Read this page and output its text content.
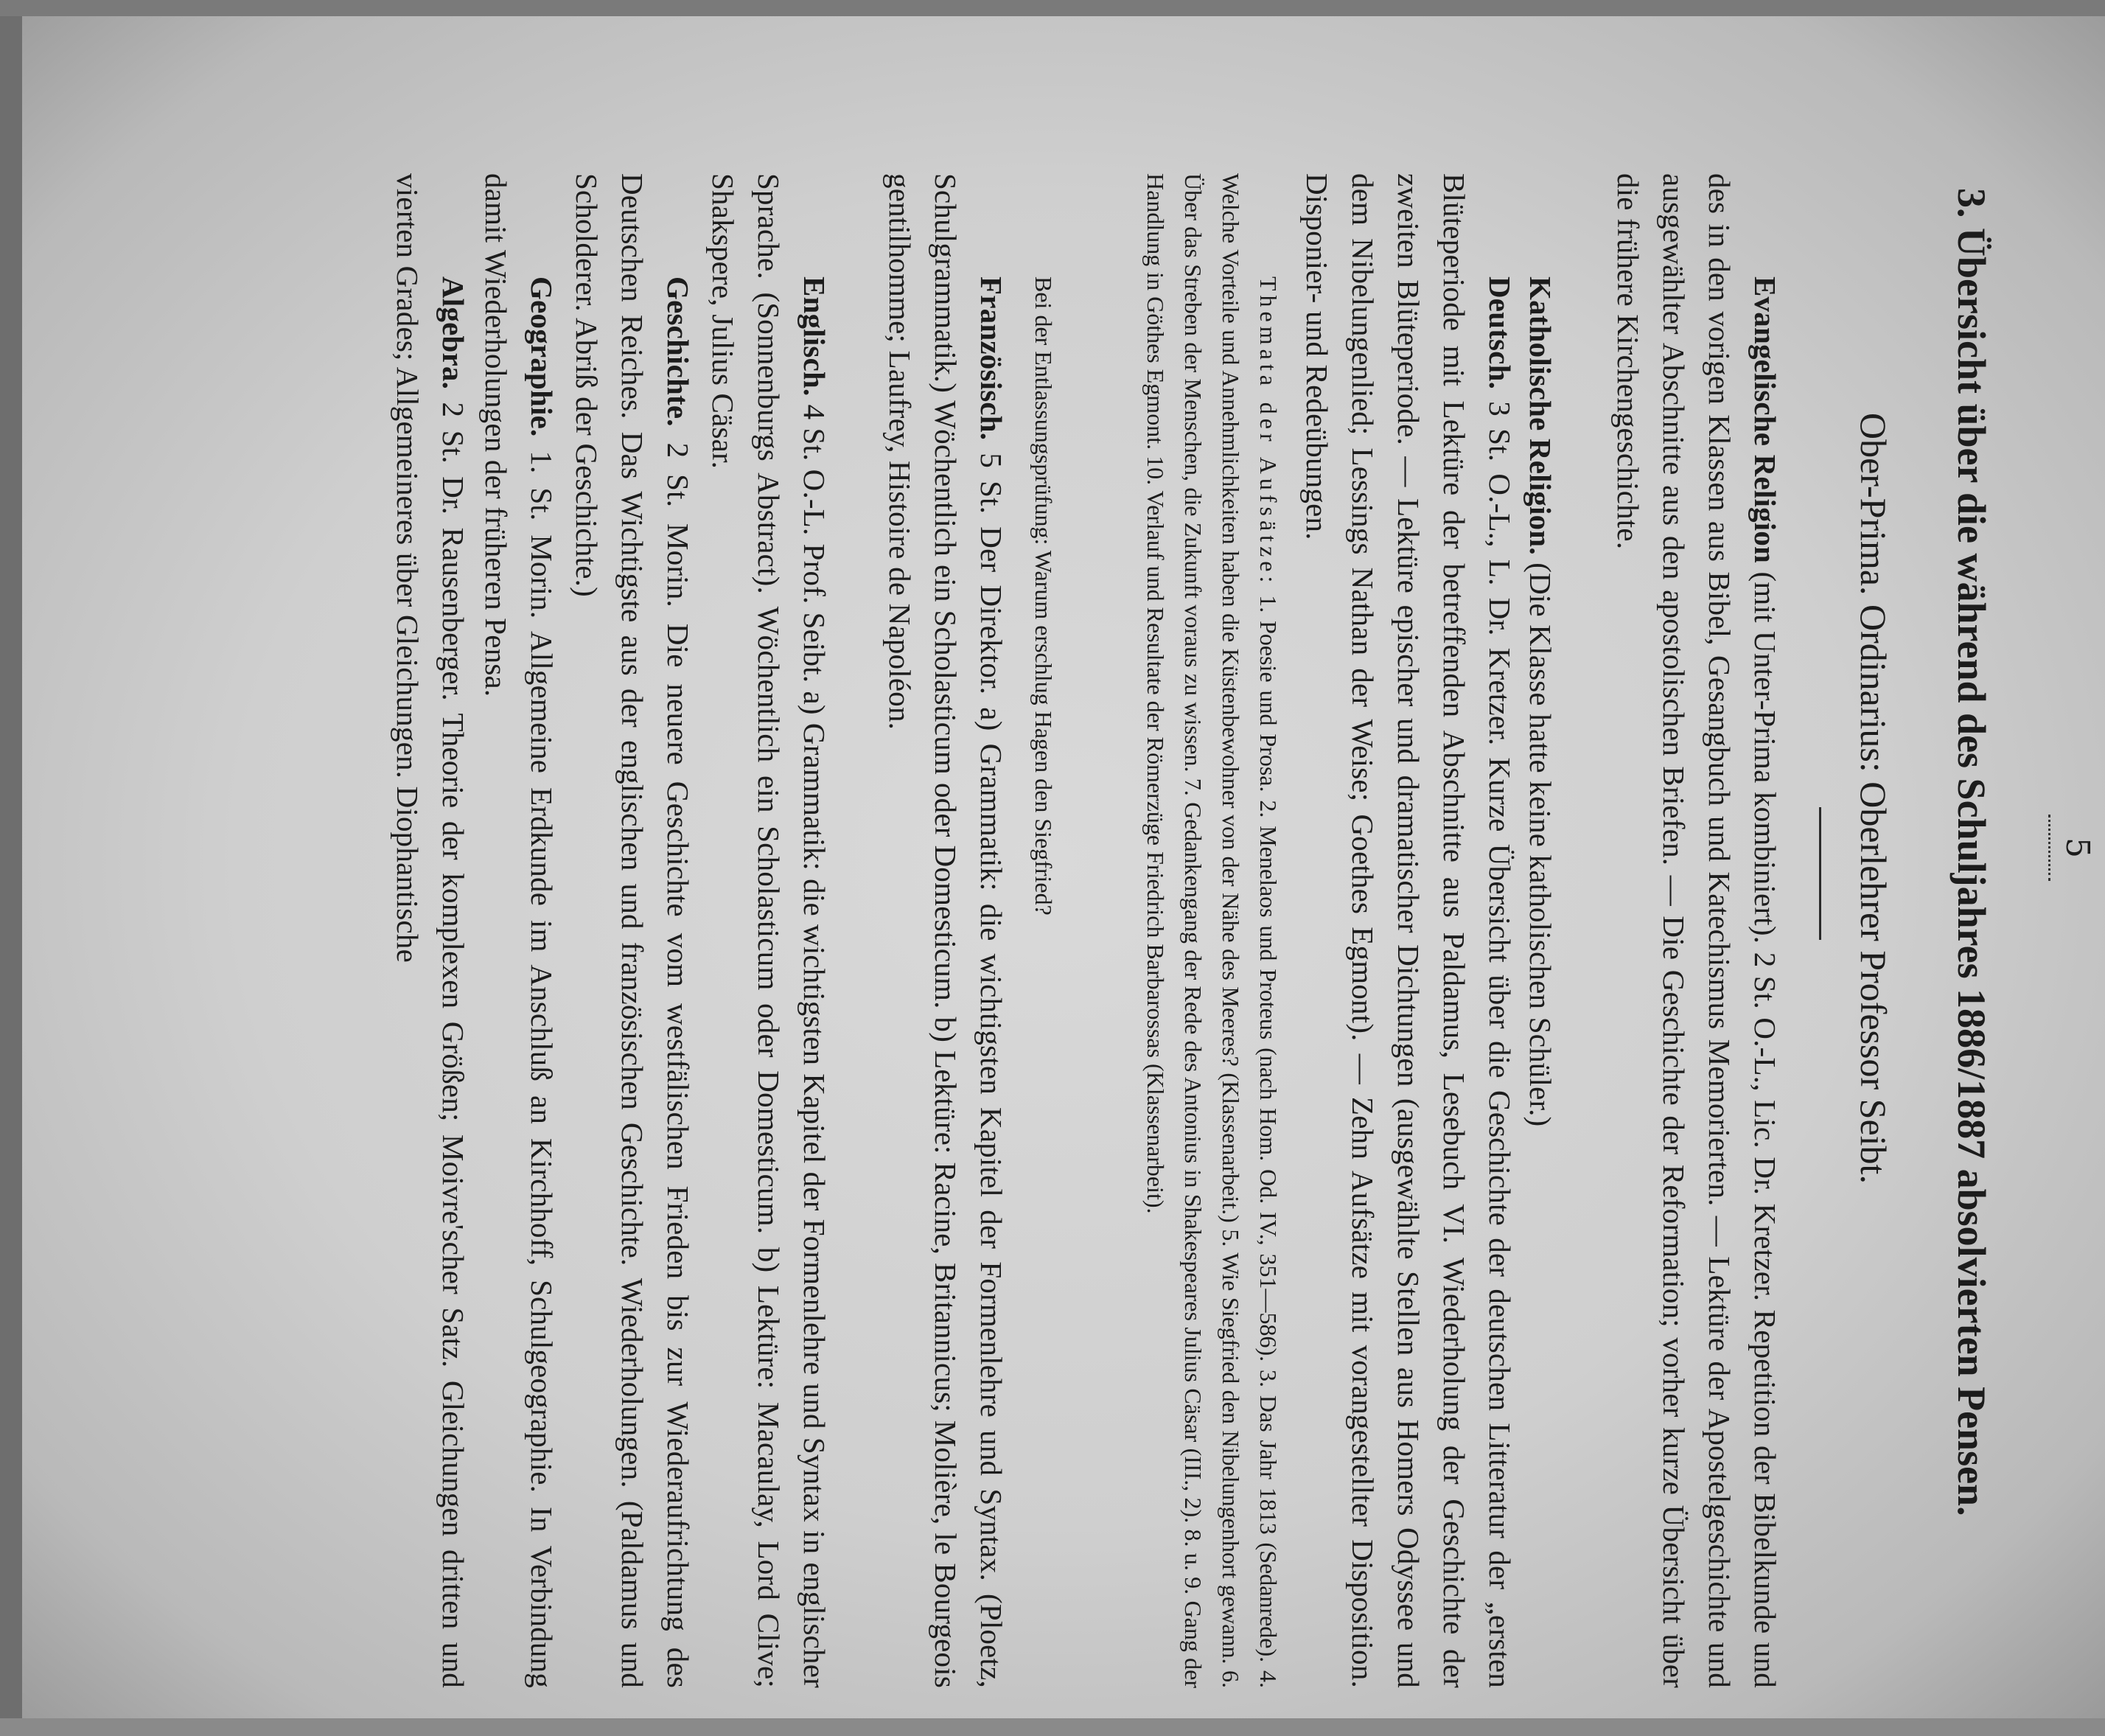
5
3. Übersicht über die während des Schuljahres 1886/1887 absolvierten Pensen.
Ober-Prima. Ordinarius: Oberlehrer Professor Seibt.
Evangelische Religion (mit Unter-Prima kombiniert). 2 St. O.-L., Lic. Dr. Kretzer. Repetition der Bibelkunde und des in den vorigen Klassen aus Bibel, Gesangbuch und Katechismus Memorierten. — Lektüre der Apostelgeschichte und ausgewählter Abschnitte aus den apostolischen Briefen. — Die Geschichte der Reformation; vorher kurze Übersicht über die frühere Kirchengeschichte.
Katholische Religion. (Die Klasse hatte keine katholischen Schüler.)
Deutsch. 3 St. O.-L., L. Dr. Kretzer. Kurze Übersicht über die Geschichte der deutschen Litteratur der „ersten Blüteperiode mit Lektüre der betreffenden Abschnitte aus Paldamus, Lesebuch VI. Wiederholung der Geschichte der zweiten Blüteperiode. — Lektüre epischer und dramatischer Dichtungen (ausgewählte Stellen aus Homers Odyssee und dem Nibelungenlied; Lessings Nathan der Weise; Goethes Egmont). — Zehn Aufsätze mit vorangestellter Disposition. Disponier- und Redeübungen.
Themata der Aufsätze: 1. Poesie und Prosa. 2. Menelaos und Proteus (nach Hom. Od. IV., 351—586). 3. Das Jahr 1813 (Sedanrede). 4. Welche Vorteile und Annehmlichkeiten haben die Küstenbewohner von der Nähe des Meeres? (Klassenarbeit.) 5. Wie Siegfried den Nibelungenhort gewann. 6. Über das Streben der Menschen, die Zukunft voraus zu wissen. 7. Gedankengang der Rede des Antonius in Shakespeares Julius Cäsar (III., 2). 8. u. 9. Gang der Handlung in Göthes Egmont. 10. Verlauf und Resultate der Römerzüge Friedrich Barbarossas (Klassenarbeit).
Bei der Entlassungsprüfung: Warum erschlug Hagen den Siegfried?
Französisch. 5 St. Der Direktor. a) Grammatik: die wichtigsten Kapitel der Formenlehre und Syntax. (Ploetz, Schulgrammatik.) Wöchentlich ein Scholasticum oder Domesticum. b) Lektüre: Racine, Britannicus; Molière, le Bourgeois gentilhomme; Laufrey, Histoire de Napoléon.
Englisch. 4 St. O.-L. Prof. Seibt. a) Grammatik: die wichtigsten Kapitel der Formenlehre und Syntax in englischer Sprache. (Sonnenburgs Abstract). Wöchentlich ein Scholasticum oder Domesticum. b) Lektüre: Macaulay, Lord Clive; Shakspere, Julius Cäsar.
Geschichte. 2 St. Morin. Die neuere Geschichte vom westfälischen Frieden bis zur Wiederaufrichtung des Deutschen Reiches. Das Wichtigste aus der englischen und französischen Geschichte. Wiederholungen. (Paldamus und Scholderer. Abriß der Geschichte.)
Geographie. 1. St. Morin. Allgemeine Erdkunde im Anschluß an Kirchhoff, Schulgeographie. In Verbindung damit Wiederholungen der früheren Pensa.
Algebra. 2 St. Dr. Rausenberger. Theorie der komplexen Größen; Moivre'scher Satz. Gleichungen dritten und vierten Grades; Allgemeineres über Gleichungen. Diophantische
